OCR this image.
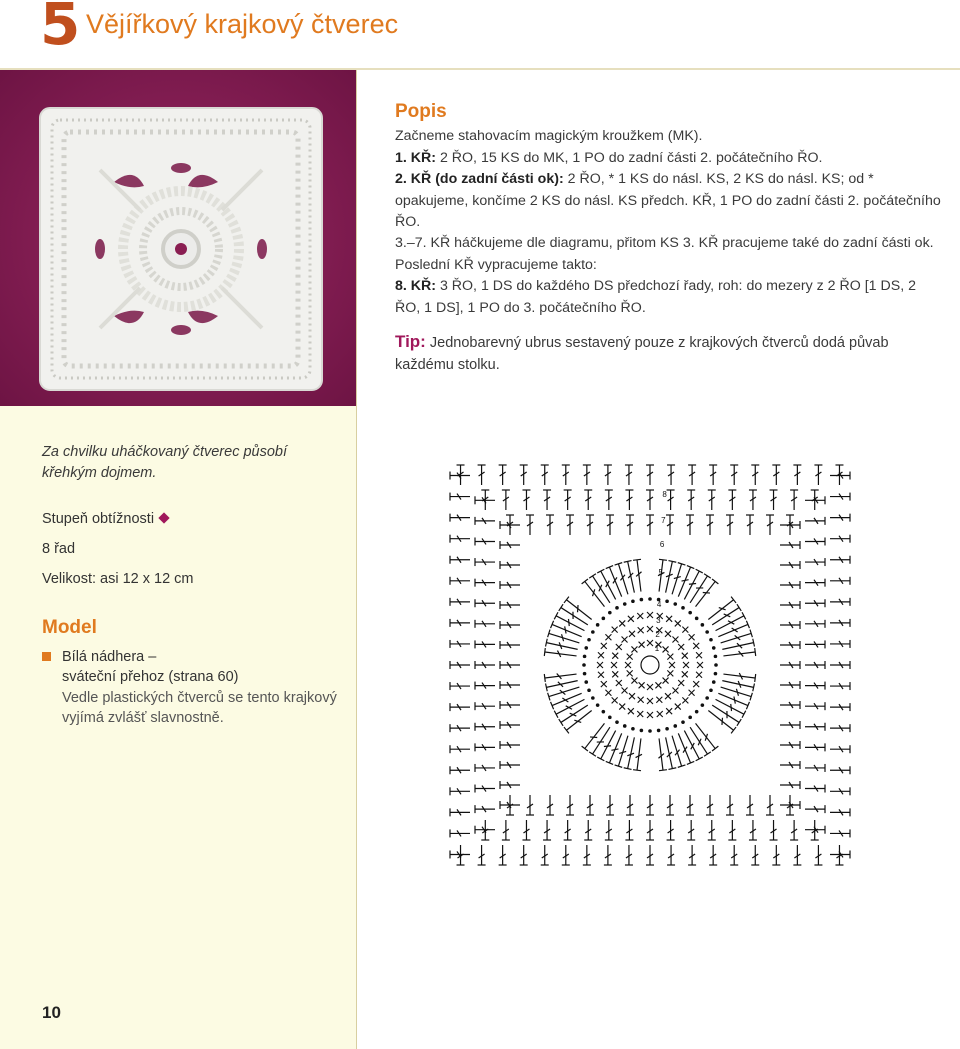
5 Vějířkový krajkový čtverec
Popis

Začneme stahovacím magickým kroužkem (MK).

1. KŘ: 2 ŘO, 15 KS do MK, 1 PO do zadní části 2. počátečního ŘO.

2. KŘ (do zadní části ok): 2 ŘO, * 1 KS do násl. KS, 2 KS do násl. KS; od * opakujeme, končíme 2 KS do násl. KS předch. KŘ, 1 PO do zadní části 2. počátečního ŘO.

3.–7. KŘ háčkujeme dle diagramu, přitom KS 3. KŘ pracujeme také do zadní části ok. Poslední KŘ vypracujeme takto:

8. KŘ: 3 ŘO, 1 DS do každého DS předchozí řady, roh: do mezery z 2 ŘO [1 DS, 2 ŘO, 1 DS], 1 PO do 3. počátečního ŘO.

Tip: Jednobarevný ubrus sestavený pouze z krajkových čtverců dodá půvab každému stolku.
Za chvilku uháčkovaný čtverec působí křehkým dojmem.
Stupeň obtížnosti
8 řad
Velikost: asi 12 x 12 cm
Model
Bílá nádhera –
sváteční přehoz (strana 60)
Vedle plastických čtverců se tento krajkový vyjímá zvlášť slavnostně.
10
1
2
3
4
5
6
7
8
